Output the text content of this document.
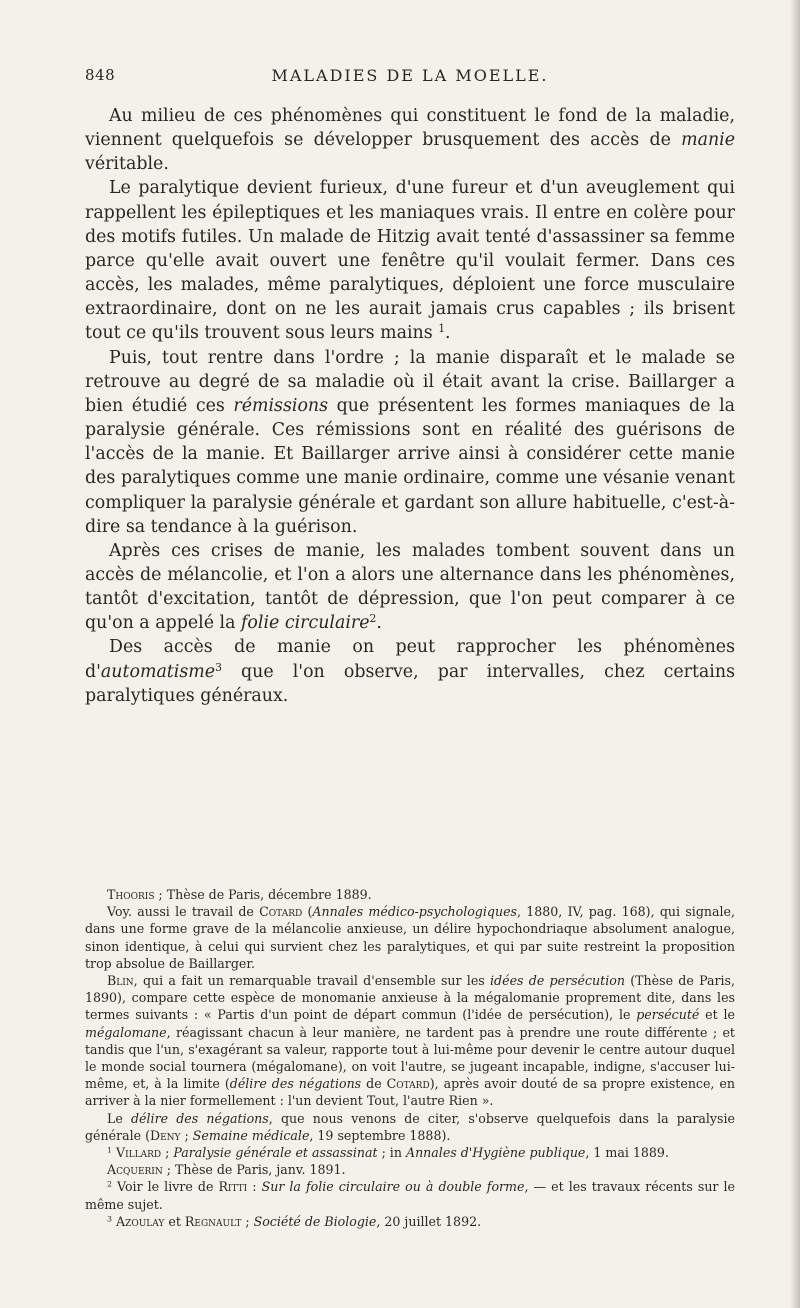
848	MALADIES DE LA MOELLE.

Au milieu de ces phénomènes qui constituent le fond de la maladie, viennent quelquefois se développer brusquement des accès de manie véritable.

Le paralytique devient furieux, d'une fureur et d'un aveuglement qui rappellent les épileptiques et les maniaques vrais. Il entre en colère pour des motifs futiles. Un malade de Hitzig avait tenté d'assassiner sa femme parce qu'elle avait ouvert une fenêtre qu'il voulait fermer. Dans ces accès, les malades, même paralytiques, déploient une force musculaire extraordinaire, dont on ne les aurait jamais crus capables ; ils brisent tout ce qu'ils trouvent sous leurs mains $^1$.

Puis, tout rentre dans l'ordre ; la manie disparaît et le malade se retrouve au degré de sa maladie où il était avant la crise. Baillarger a bien étudié ces rémissions que présentent les formes maniaques de la paralysie générale. Ces rémissions sont en réalité des guérisons de l'accès de la manie. Et Baillarger arrive ainsi à considérer cette manie des paralytiques comme une manie ordinaire, comme une vésanie venant compliquer la paralysie générale et gardant son allure habituelle, c'est-à-dire sa tendance à la guérison.

Après ces crises de manie, les malades tombent souvent dans un accès de mélancolie, et l'on a alors une alternance dans les phénomènes, tantôt d'excitation, tantôt de dépression, que l'on peut comparer à ce qu'on a appelé la folie circulaire$^2$.

Des accès de manie on peut rapprocher les phénomènes d'automatisme$^3$ que l'on observe, par intervalles, chez certains paralytiques généraux.

Thooris ; Thèse de Paris, décembre 1889.

Voy. aussi le travail de Cotard (Annales médico-psychologiques, 1880, IV, pag. 168), qui signale, dans une forme grave de la mélancolie anxieuse, un délire hypochondriaque absolument analogue, sinon identique, à celui qui survient chez les paralytiques, et qui par suite restreint la proposition trop absolue de Baillarger.

Blin, qui a fait un remarquable travail d'ensemble sur les idées de persécution (Thèse de Paris, 1890), compare cette espèce de monomanie anxieuse à la mégalomanie proprement dite, dans les termes suivants : « Partis d'un point de départ commun (l'idée de persécution), le persécuté et le mégalomane, réagissant chacun à leur manière, ne tardent pas à prendre une route différente ; et tandis que l'un, s'exagérant sa valeur, rapporte tout à lui-même pour devenir le centre autour duquel le monde social tournera (mégalomane), on voit l'autre, se jugeant incapable, indigne, s'accuser lui-même, et, à la limite (délire des négations de Cotard), après avoir douté de sa propre existence, en arriver à la nier formellement : l'un devient Tout, l'autre Rien ».

Le délire des négations, que nous venons de citer, s'observe quelquefois dans la paralysie générale (Deny ; Semaine médicale, 19 septembre 1888).

$^1$ Villard ; Paralysie générale et assassinat ; in Annales d'Hygiène publique, 1 mai 1889.

Acquerin ; Thèse de Paris, janv. 1891.

$^2$ Voir le livre de Ritti : Sur la folie circulaire ou à double forme, — et les travaux récents sur le même sujet.

$^3$ Azoulay et Regnault ; Société de Biologie, 20 juillet 1892.
